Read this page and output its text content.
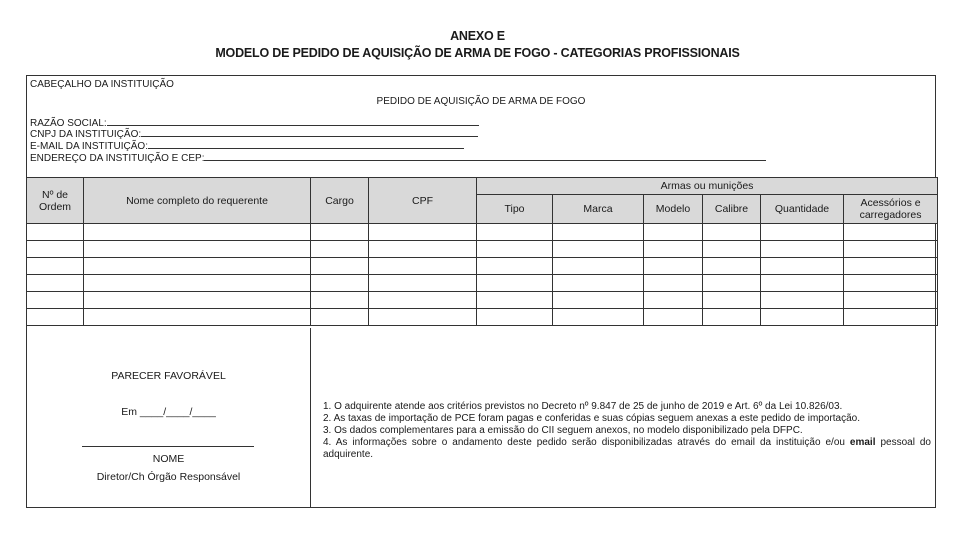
ANEXO E
MODELO DE PEDIDO DE AQUISIÇÃO DE ARMA DE FOGO - CATEGORIAS PROFISSIONAIS
CABEÇALHO DA INSTITUIÇÃO
PEDIDO DE AQUISIÇÃO DE ARMA DE FOGO
RAZÃO SOCIAL:
CNPJ DA INSTITUIÇÃO:
E-MAIL DA INSTITUIÇÃO:
ENDEREÇO DA INSTITUIÇÃO E CEP:
Nº de Ordem	Nome completo do requerente	Cargo	CPF	Armas ou munições					
				Tipo	Marca	Modelo	Calibre	Quantidade	Acessórios e carregadores

PARECER FAVORÁVEL
Em ____/____/____
NOME
Diretor/Ch Órgão Responsável

1. O adquirente atende aos critérios previstos no Decreto nº 9.847 de 25 de junho de 2019 e Art. 6º da Lei 10.826/03.

2. As taxas de importação de PCE foram pagas e conferidas e suas cópias seguem anexas a este pedido de importação.

3. Os dados complementares para a emissão do CII seguem anexos, no modelo disponibilizado pela DFPC.

4. As informações sobre o andamento deste pedido serão disponibilizadas através do email da instituição e/ou email pessoal do adquirente.
